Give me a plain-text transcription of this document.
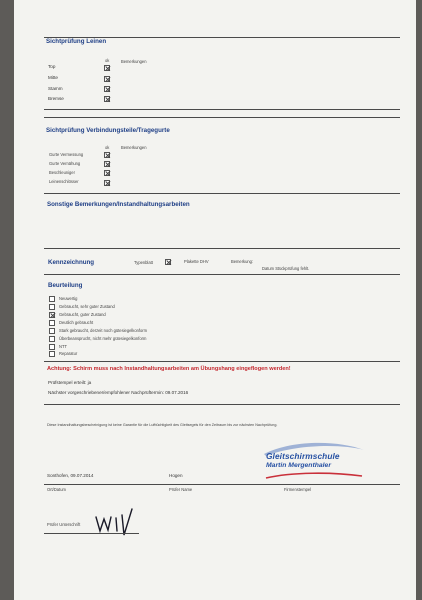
Sichtprüfung Leinen
ok	Bemerkungen
Top
Mitte
Stamm
Bremse
Sichtprüfung Verbindungsteile/Tragegurte
ok	Bemerkungen
Gurte Vermessung
Gurte Vernähung
Beschleuniger
Leinenschlösser
Sonstige Bemerkungen/Instandhaltungsarbeiten
Kennzeichnung	Typenblatt	Plakette DHV	Bemerkung:
Datum Stückprüfung fehlt.
Beurteilung
Neuwertig
Gebraucht, sehr guter Zustand
Gebraucht, guter Zustand
Deutlich gebraucht
Stark gebraucht, derzeit noch gütesiegelkonform
Überbeansprucht, nicht mehr gütesiegelkonform
NTT
Reparatur
Achtung: Schirm muss nach Instandhaltungsarbeiten am Übungshang eingeflogen werden!
Prüfstempel erteilt: ja
Nächster vorgeschriebener/empfohlener Nachprüftermin: 09.07.2016
Diese Instandhaltungsbescheinigung ist keine Garantie für die Lufttüchtigkeit des Gleitsegels für den Zeitraum bis zur nächsten Nachprüfung.
Gleitschirmschule
Martin Mergenthaler
Sonthofen, 09.07.2014	Hogen
Ort/Datum	Prüfer Name	Firmenstempel
Prüfer Unterschrift
